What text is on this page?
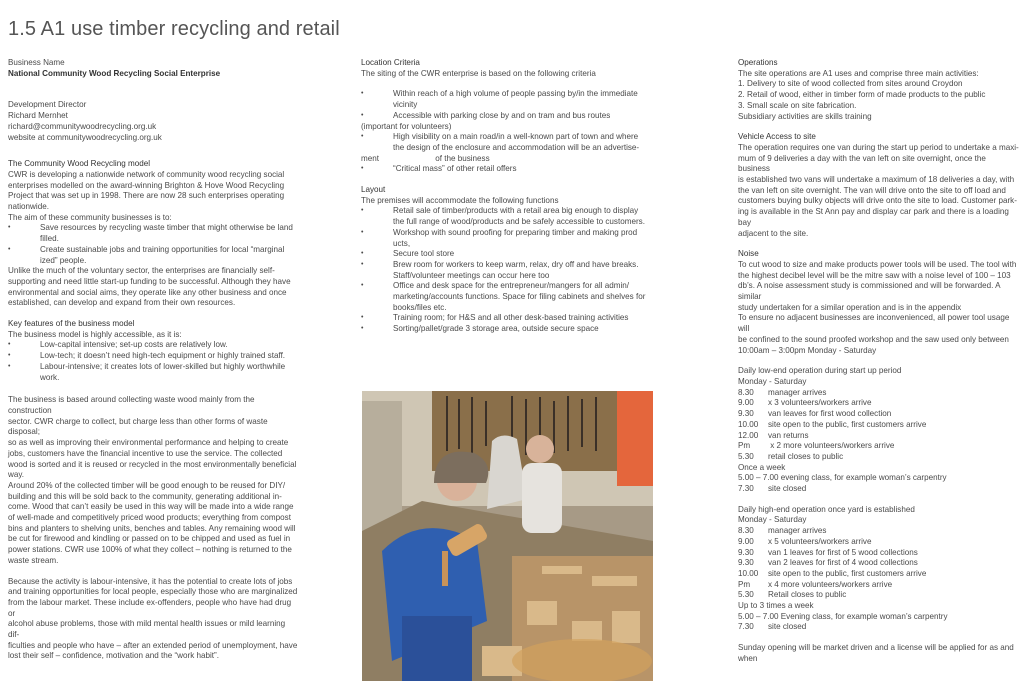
1.5 A1 use timber recycling and retail

Business Name

National Community Wood Recycling Social Enterprise

Development Director

Richard Mernhet

richard@communitywoodrecycling.org.uk

website at communitywoodrecycling.org.uk

The Community Wood Recycling model

CWR is developing a nationwide network of community wood recycling social

enterprises modelled on the award-winning Brighton & Hove Wood Recycling

Project that was set up in 1998. There are now 28 such enterprises operating

nationwide.

The aim of these community businesses is to:

• Save resources by recycling waste timber that might otherwise be land filled.

• Create sustainable jobs and training opportunities for local “marginal ized” people.

Unlike the much of the voluntary sector, the enterprises are financially self-

supporting and need little start-up funding to be successful. Although they have

environmental and social aims, they operate like any other business and once

established, can develop and expand from their own resources.

Key features of the business model

The business model is highly accessible, as it is:

• Low-capital intensive; set-up costs are relatively low.

• Low-tech; it doesn’t need high-tech equipment or highly trained staff.

• Labour-intensive; it creates lots of lower-skilled but highly worthwhile work.

The business is based around collecting waste wood mainly from the construction

sector. CWR charge to collect, but charge less than other forms of waste disposal;

so as well as improving their environmental performance and helping to create

jobs, customers have the financial incentive to use the service. The collected

wood is sorted and it is reused or recycled in the most environmentally beneficial

way.

Around 20% of the collected timber will be good enough to be reused for DIY/

building and this will be sold back to the community, generating additional in-

come. Wood that can’t easily be used in this way will be made into a wide range

of well-made and competitively priced wood products; everything from compost

bins and planters to shelving units, benches and tables. Any remaining wood will

be cut for firewood and kindling or passed on to be chipped and used as fuel in

power stations. CWR use 100% of what they collect – nothing is returned to the

waste stream.

Because the activity is labour-intensive, it has the potential to create lots of jobs

and training opportunities for local people, especially those who are marginalized

from the labour market. These include ex-offenders, people who have had drug or

alcohol abuse problems, those with mild mental health issues or mild learning dif-

ficulties and people who have – after an extended period of unemployment, have

lost their self – confidence, motivation and the “work habit”.

Location Criteria

The siting of the CWR enterprise is based on the following criteria

• Within reach of a high volume of people passing by/in the immediate vicinity

• Accessible with parking close by and on tram and bus routes

(important for volunteers)

• High visibility on a main road/in a well-known part of town and where the design of the enclosure and accommodation will be an advertise-

ment                         of the business

• “Critical mass” of other retail offers

Layout

The premises will accommodate the following functions

• Retail sale of timber/products with a retail area big enough to display the full range of wood/products and be safely accessible to customers.

• Workshop with sound proofing for preparing timber and making prod ucts,

• Secure tool store

• Brew room for workers to keep warm, relax, dry off and have breaks. Staff/volunteer meetings can occur here too

• Office and desk space for the entrepreneur/mangers for all admin/ marketing/accounts functions. Space for filing cabinets and shelves for books/files etc.

• Training room; for H&S and all other desk-based training activities

• Sorting/pallet/grade 3 storage area, outside secure space

Operations

The site operations are A1 uses and comprise three main activities:

1. Delivery to site of wood collected from sites around Croydon

2. Retail of wood, either in timber form of made products to the public

3. Small scale on site fabrication.

Subsidiary activities are skills training

Vehicle Access to site

The operation requires one van during the start up period to undertake a maxi-

mum of 9 deliveries a day with the van left on site overnight, once the business

is established two vans will undertake a maximum of 18 deliveries a day, with

the van left on site overnight. The van will drive onto the site to off load and

customers buying bulky objects will drive onto the site to load. Customer park-

ing is available in the St Ann pay and display car park and there is a loading bay

adjacent to the site.

Noise

To cut wood to size and make products power tools will be used. The tool with

the highest decibel level will be the mitre saw with a noise level of 100 – 103

db’s. A noise assessment study is commissioned and will be forwarded. A similar

study undertaken for a similar operation and is in the appendix

To ensure no adjacent businesses are inconvenienced, all power tool usage will

be confined to the sound proofed workshop and the saw used only between

10:00am – 3:00pm Monday - Saturday

Daily low-end operation during start up period

Monday - Saturday

8.30	manager arrives
9.00	x 3 volunteers/workers arrive
9.30	van leaves for first wood collection
10.00	site open to the public, first customers arrive
12.00	van returns
Pm	x 2 more volunteers/workers arrive
5.30	retail closes to public

Once a week

5.00 – 7.00 evening class, for example woman’s carpentry

7.30	site closed

Daily high-end operation once yard is established

Monday - Saturday

8.30	manager arrives
9.00	x 5 volunteers/workers arrive
9.30	van 1 leaves for first of 5 wood collections
9.30	van 2 leaves for first of 4 wood collections
10.00	site open to the public, first customers arrive
Pm	x 4 more volunteers/workers arrive
5.30	Retail closes to public

Up to 3 times a week

5.00 – 7.00 Evening class, for example woman’s carpentry

7.30	site closed

Sunday opening will be market driven and a license will be applied for as and

when
